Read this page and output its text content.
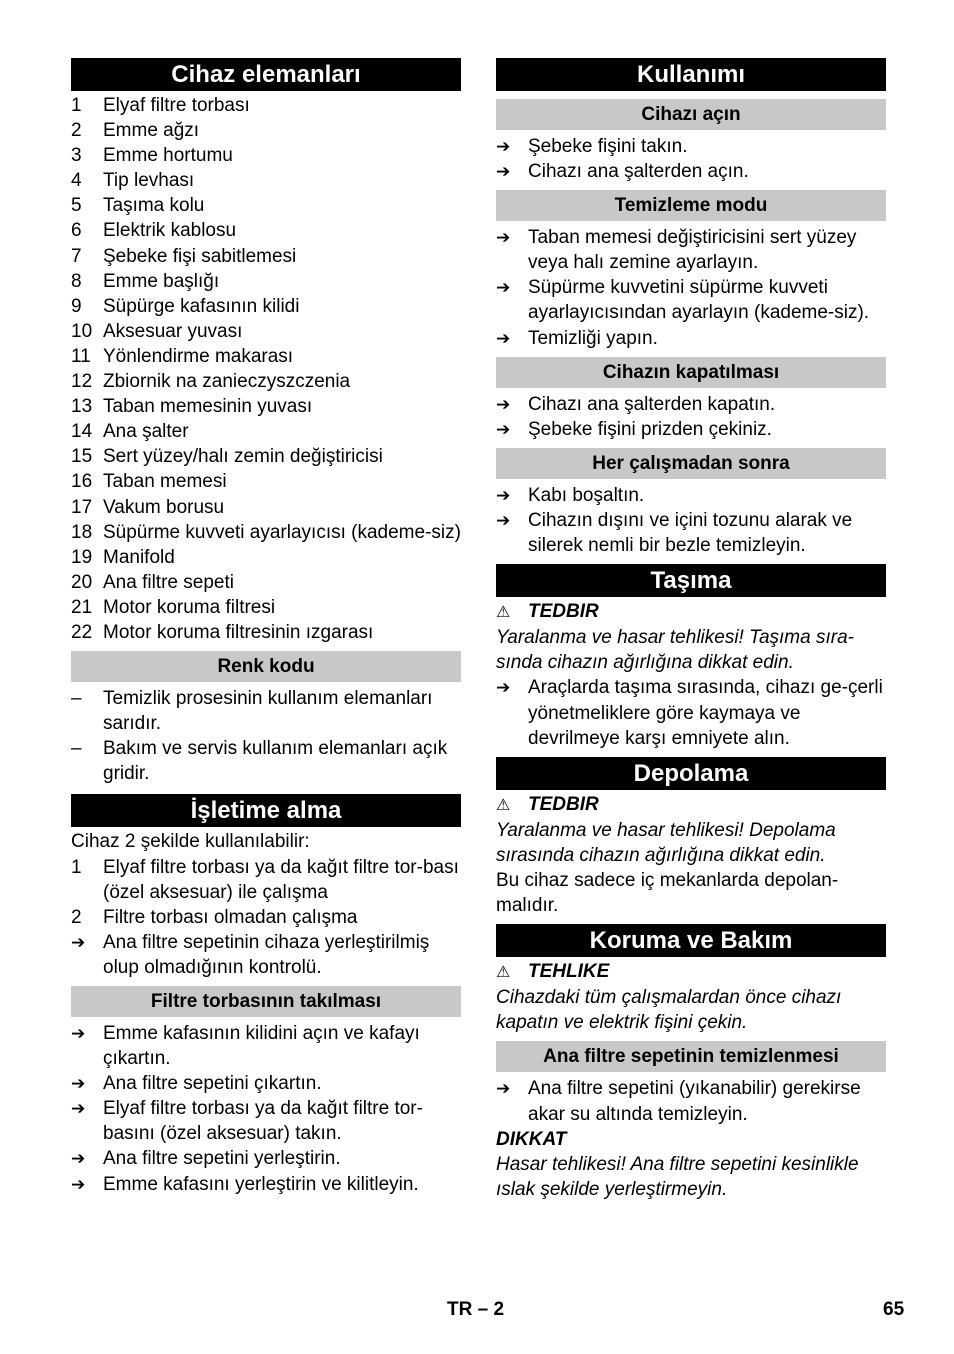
Cihaz elemanları
1	Elyaf filtre torbası
2	Emme ağzı
3	Emme hortumu
4	Tip levhası
5	Taşıma kolu
6	Elektrik kablosu
7	Şebeke fişi sabitlemesi
8	Emme başlığı
9	Süpürge kafasının kilidi
10 Aksesuar yuvası
11 Yönlendirme makarası
12 Zbiornik na zanieczyszczenia
13 Taban memesinin yuvası
14 Ana şalter
15 Sert yüzey/halı zemin değiştiricisi
16 Taban memesi
17 Vakum borusu
18 Süpürme kuvveti ayarlayıcısı (kademe-siz)
19 Manifold
20 Ana filtre sepeti
21 Motor koruma filtresi
22 Motor koruma filtresinin ızgarası
Renk kodu
–	Temizlik prosesinin kullanım elemanları sarıdır.
–	Bakım ve servis kullanım elemanları açık gridir.
İşletime alma
Cihaz 2 şekilde kullanılabilir:
1	Elyaf filtre torbası ya da kağıt filtre tor-bası (özel aksesuar) ile çalışma
2	Filtre torbası olmadan çalışma
➔ Ana filtre sepetinin cihaza yerleştirilmiş olup olmadığının kontrolü.
Filtre torbasının takılması
➔ Emme kafasının kilidini açın ve kafayı çıkartın.
➔ Ana filtre sepetini çıkartın.
➔ Elyaf filtre torbası ya da kağıt filtre tor-basını (özel aksesuar) takın.
➔ Ana filtre sepetini yerleştirin.
➔ Emme kafasını yerleştirin ve kilitleyin.
Kullanımı
Cihazı açın
➔ Şebeke fişini takın.
➔ Cihazı ana şalterden açın.
Temizleme modu
➔ Taban memesi değiştiricisini sert yüzey veya halı zemine ayarlayın.
➔ Süpürme kuvvetini süpürme kuvveti ayarlayıcısından ayarlayın (kademe-siz).
➔ Temizliği yapın.
Cihazın kapatılması
➔ Cihazı ana şalterden kapatın.
➔ Şebeke fişini prizden çekiniz.
Her çalışmadan sonra
➔ Kabı boşaltın.
➔ Cihazın dışını ve içini tozunu alarak ve silerek nemli bir bezle temizleyin.
Taşıma
⚠ TEDBIR
Yaralanma ve hasar tehlikesi! Taşıma sıra-sında cihazın ağırlığına dikkat edin.
➔ Araçlarda taşıma sırasında, cihazı ge-çerli yönetmeliklere göre kaymaya ve devrilmeye karşı emniyete alın.
Depolama
⚠ TEDBIR
Yaralanma ve hasar tehlikesi! Depolama sırasında cihazın ağırlığına dikkat edin.
Bu cihaz sadece iç mekanlarda depolan-malıdır.
Koruma ve Bakım
⚠ TEHLIKE
Cihazdaki tüm çalışmalardan önce cihazı kapatın ve elektrik fişini çekin.
Ana filtre sepetinin temizlenmesi
➔ Ana filtre sepetini (yıkanabilir) gerekirse akar su altında temizleyin.
DIKKAT
Hasar tehlikesi! Ana filtre sepetini kesinlikle ıslak şekilde yerleştirmeyin.
TR – 2	65
